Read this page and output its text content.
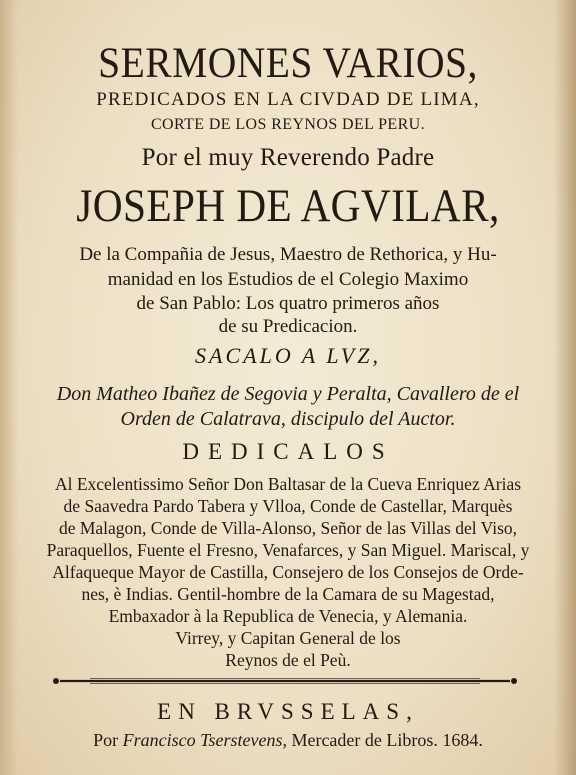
SERMONES VARIOS,
PREDICADOS EN LA CIVDAD DE LIMA,
CORTE DE LOS REYNOS DEL PERU.
Por el muy Reverendo Padre
JOSEPH DE AGVILAR,
De la Compañia de Jesus, Maestro de Rethorica, y Hu-
manidad en los Estudios de el Colegio Maximo
de San Pablo: Los quatro primeros años
de su Predicacion.
SACALO A LVZ,
Don Matheo Ibañez de Segovia y Peralta, Cavallero de el
Orden de Calatrava, discipulo del Auctor.
DEDICALOS
Al Excelentissimo Señor Don Baltasar de la Cueva Enriquez Arias
de Saavedra Pardo Tabera y Vlloa, Conde de Castellar, Marquès
de Malagon, Conde de Villa-Alonso, Señor de las Villas del Viso,
Paraquellos, Fuente el Fresno, Venafarces, y San Miguel. Mariscal, y
Alfaqueque Mayor de Castilla, Consejero de los Consejos de Orde-
nes, è Indias. Gentil-hombre de la Camara de su Magestad,
Embaxador à la Republica de Venecia, y Alemania.
Virrey, y Capitan General de los
Reynos de el Peù.
EN BRVSSELAS,
Por Francisco Tserstevens, Mercader de Libros. 1684.
